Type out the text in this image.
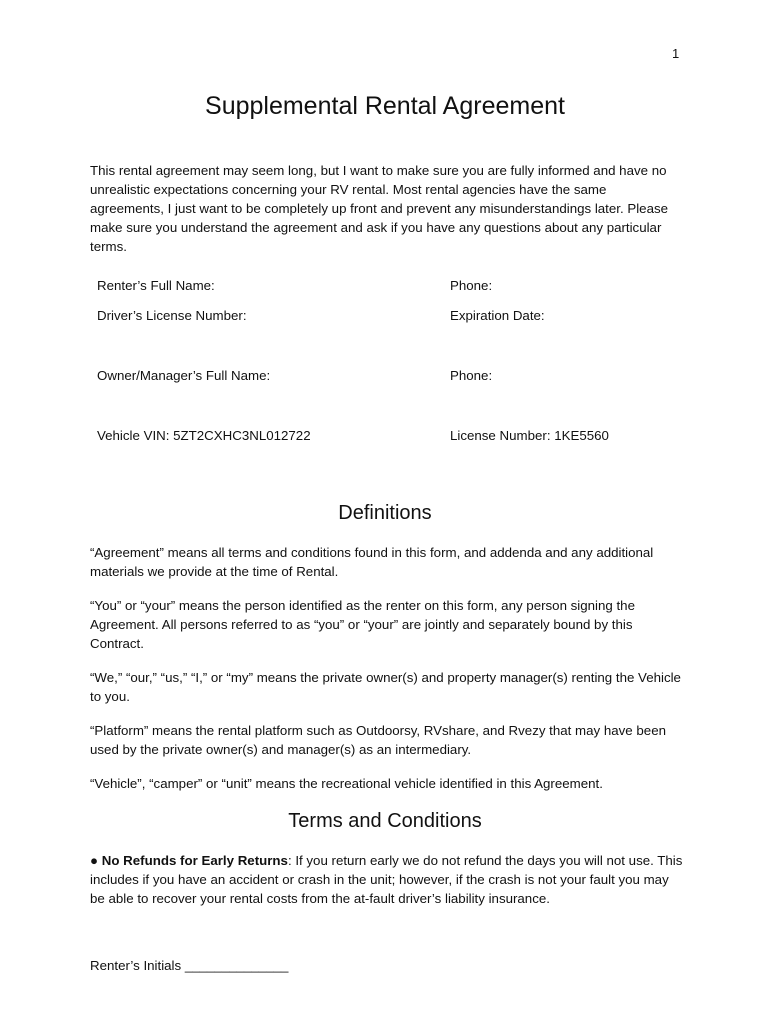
1
Supplemental Rental Agreement

This rental agreement may seem long, but I want to make sure you are fully informed and have no unrealistic expectations concerning your RV rental. Most rental agencies have the same agreements, I just want to be completely up front and prevent any misunderstandings later. Please make sure you understand the agreement and ask if you have any questions about any particular terms.

Renter’s Full Name:	Phone:
Driver’s License Number:	Expiration Date:
Owner/Manager’s Full Name:	Phone:
Vehicle VIN: 5ZT2CXHC3NL012722	License Number: 1KE5560
Definitions

“Agreement” means all terms and conditions found in this form, and addenda and any additional materials we provide at the time of Rental.

“You” or “your” means the person identified as the renter on this form, any person signing the Agreement. All persons referred to as “you” or “your” are jointly and separately bound by this Contract.

“We,” “our,” “us,” “I,” or “my” means the private owner(s) and property manager(s) renting the Vehicle to you.

“Platform” means the rental platform such as Outdoorsy, RVshare, and Rvezy that may have been used by the private owner(s) and manager(s) as an intermediary.

“Vehicle”, “camper” or “unit” means the recreational vehicle identified in this Agreement.

Terms and Conditions

● No Refunds for Early Returns: If you return early we do not refund the days you will not use. This includes if you have an accident or crash in the unit; however, if the crash is not your fault you may be able to recover your rental costs from the at-fault driver’s liability insurance.

Renter’s Initials ______________
